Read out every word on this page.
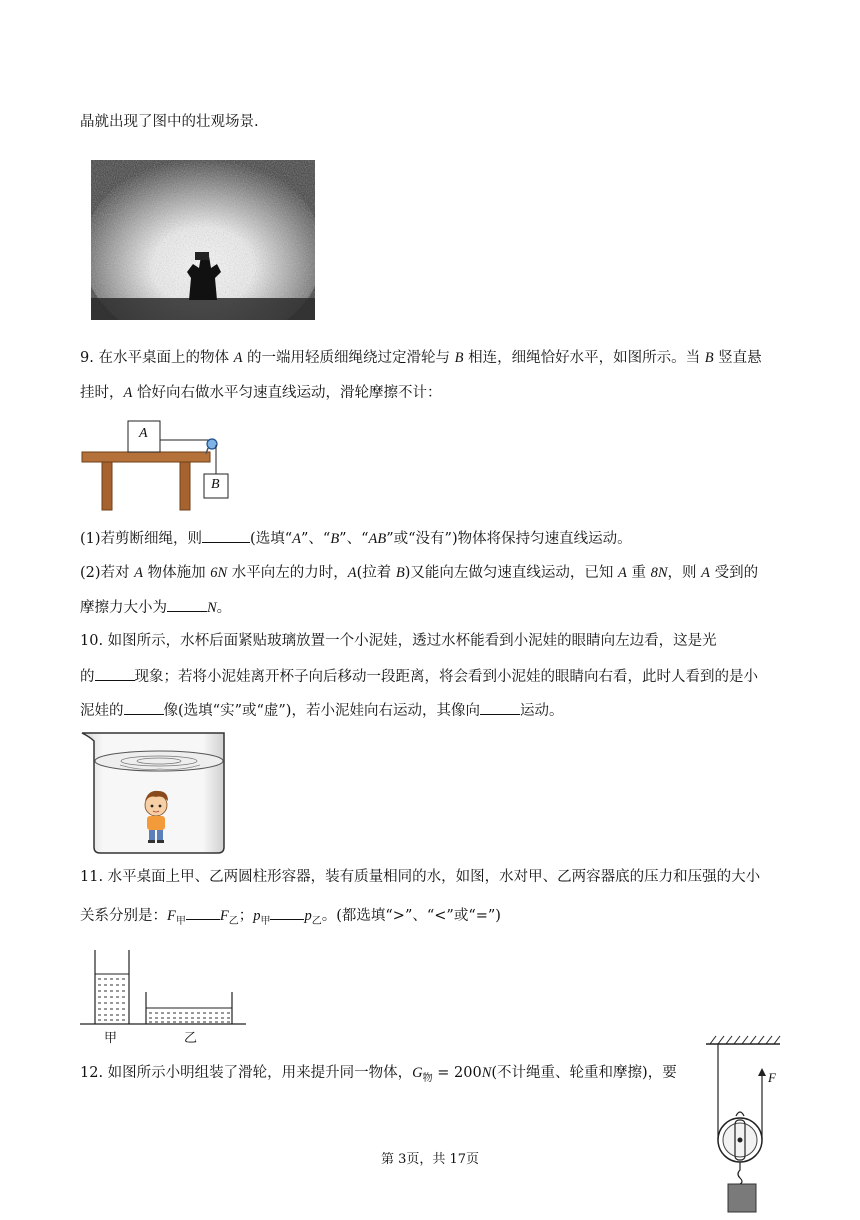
晶就出现了图中的壮观场景.
9. 在水平桌面上的物体 A 的一端用轻质细绳绕过定滑轮与 B 相连，细绳恰好水平，如图所示。当 B 竖直悬
挂时，A 恰好向右做水平匀速直线运动，滑轮摩擦不计：
A
B
(1)若剪断细绳，则	(选填“A”、“B”、“AB”或“没有”)物体将保持匀速直线运动。
(2)若对 A 物体施加 6N 水平向左的力时，A(拉着 B)又能向左做匀速直线运动，已知 A 重 8N，则 A 受到的
摩擦力大小为	N。
10. 如图所示，水杯后面紧贴玻璃放置一个小泥娃，透过水杯能看到小泥娃的眼睛向左边看，这是光
的	现象；若将小泥娃离开杯子向后移动一段距离，将会看到小泥娃的眼睛向右看，此时人看到的是小
泥娃的	像(选填“实”或“虚”)，若小泥娃向右运动，其像向	运动。
11. 水平桌面上甲、乙两圆柱形容器，装有质量相同的水，如图，水对甲、乙两容器底的压力和压强的大小
关系分别是：$F_甲$ $F_乙$；$p_甲$ $p_乙$。(都选填“>”、“<”或“=”)
甲	乙
12. 如图所示小明组装了滑轮，用来提升同一物体，$G_物 = 200N$(不计绳重、轮重和摩擦)，要	F
第 3页，共 17页
